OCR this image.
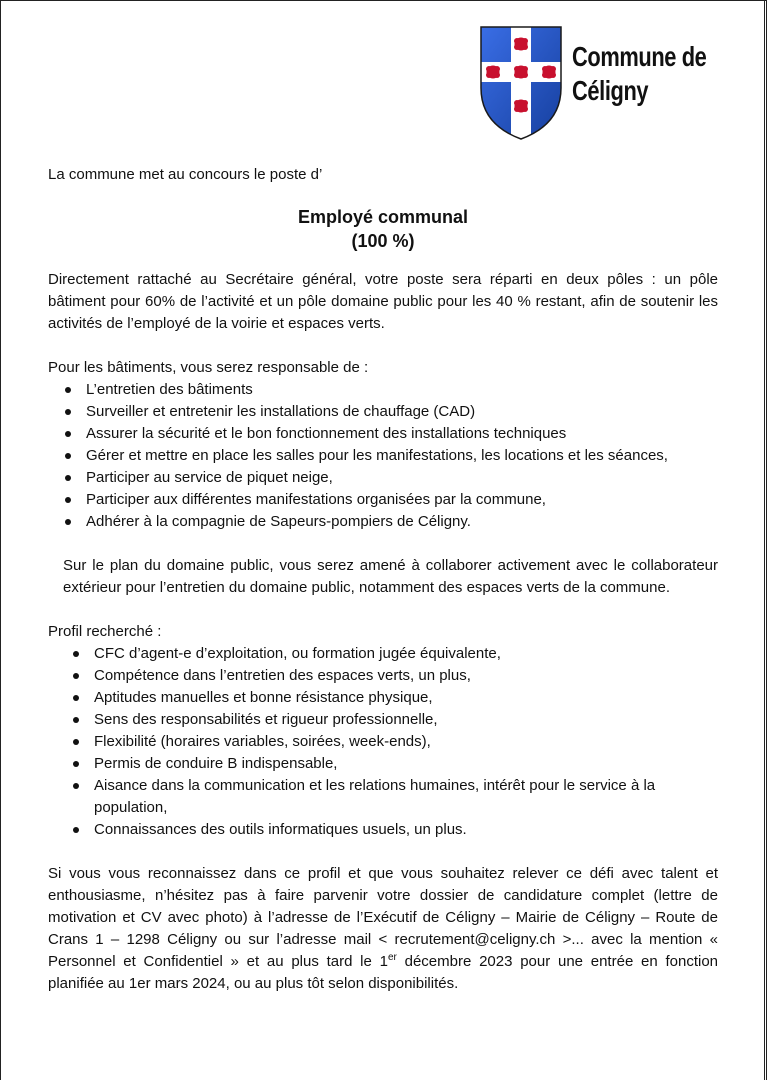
Commune de
Céligny

La commune met au concours le poste d’

Employé communal
(100 %)

Directement rattaché au Secrétaire général, votre poste sera réparti en deux pôles : un pôle bâtiment pour 60% de l’activité et un pôle domaine public pour les 40 % restant, afin de soutenir les activités de l’employé de la voirie et espaces verts.

Pour les bâtiments, vous serez responsable de :

L’entretien des bâtiments
Surveiller et entretenir les installations de chauffage (CAD)
Assurer la sécurité et le bon fonctionnement des installations techniques
Gérer et mettre en place les salles pour les manifestations, les locations et les séances,
Participer au service de piquet neige,
Participer aux différentes manifestations organisées par la commune,
Adhérer à la compagnie de Sapeurs-pompiers de Céligny.

Sur le plan du domaine public, vous serez amené à collaborer activement avec le collaborateur extérieur pour l’entretien du domaine public, notamment des espaces verts de la commune.

Profil recherché :

CFC d’agent-e d’exploitation, ou formation jugée équivalente,
Compétence dans l’entretien des espaces verts, un plus,
Aptitudes manuelles et bonne résistance physique,
Sens des responsabilités et rigueur professionnelle,
Flexibilité (horaires variables, soirées, week-ends),
Permis de conduire B indispensable,
Aisance dans la communication et les relations humaines, intérêt pour le service à la population,
Connaissances des outils informatiques usuels, un plus.

Si vous vous reconnaissez dans ce profil et que vous souhaitez relever ce défi avec talent et enthousiasme, n’hésitez pas à faire parvenir votre dossier de candidature complet (lettre de motivation et CV avec photo) à l’adresse de l’Exécutif de Céligny – Mairie de Céligny – Route de Crans 1 – 1298 Céligny ou sur l’adresse mail < recrutement@celigny.ch >... avec la mention « Personnel et Confidentiel » et au plus tard le 1er décembre 2023 pour une entrée en fonction planifiée au 1er mars 2024, ou au plus tôt selon disponibilités.
